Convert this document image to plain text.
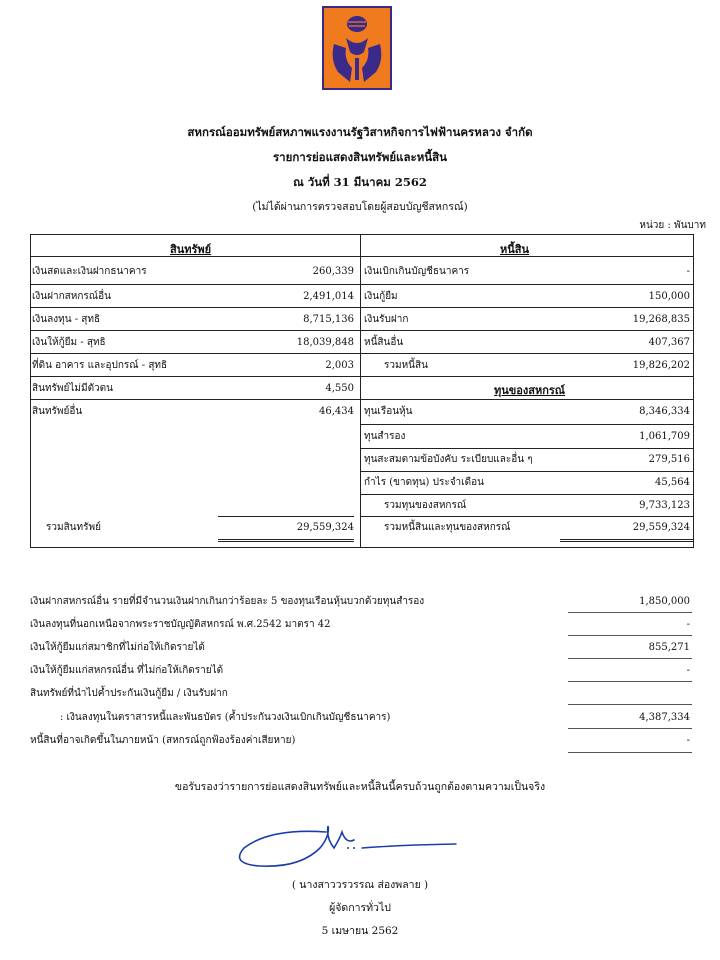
สหกรณ์ออมทรัพย์สหภาพแรงงานรัฐวิสาหกิจการไฟฟ้านครหลวง จำกัด
รายการย่อแสดงสินทรัพย์และหนี้สิน
ณ วันที่ 31 มีนาคม 2562
(ไม่ได้ผ่านการตรวจสอบโดยผู้สอบบัญชีสหกรณ์)
หน่วย : พันบาท
สินทรัพย์
เงินสดและเงินฝากธนาคาร	260,339
เงินฝากสหกรณ์อื่น	2,491,014
เงินลงทุน - สุทธิ	8,715,136
เงินให้กู้ยืม - สุทธิ	18,039,848
ที่ดิน อาคาร และอุปกรณ์ - สุทธิ	2,003
สินทรัพย์ไม่มีตัวตน	4,550
สินทรัพย์อื่น	46,434
รวมสินทรัพย์	29,559,324
หนี้สิน
เงินเบิกเกินบัญชีธนาคาร	-
เงินกู้ยืม	150,000
เงินรับฝาก	19,268,835
หนี้สินอื่น	407,367
รวมหนี้สิน	19,826,202
ทุนของสหกรณ์
ทุนเรือนหุ้น	8,346,334
ทุนสำรอง	1,061,709
ทุนสะสมตามข้อบังคับ ระเบียบและอื่น ๆ	279,516
กำไร (ขาดทุน) ประจำเดือน	45,564
รวมทุนของสหกรณ์	9,733,123
รวมหนี้สินและทุนของสหกรณ์	29,559,324
เงินฝากสหกรณ์อื่น รายที่มีจำนวนเงินฝากเกินกว่าร้อยละ 5 ของทุนเรือนหุ้นบวกด้วยทุนสำรอง	1,850,000
เงินลงทุนที่นอกเหนือจากพระราชบัญญัติสหกรณ์ พ.ศ.2542 มาตรา 42	-
เงินให้กู้ยืมแก่สมาชิกที่ไม่ก่อให้เกิดรายได้	855,271
เงินให้กู้ยืมแก่สหกรณ์อื่น ที่ไม่ก่อให้เกิดรายได้	-
สินทรัพย์ที่นำไปค้ำประกันเงินกู้ยืม / เงินรับฝาก
: เงินลงทุนในตราสารหนี้และพันธบัตร (ค้ำประกันวงเงินเบิกเกินบัญชีธนาคาร)	4,387,334
หนี้สินที่อาจเกิดขึ้นในภายหน้า (สหกรณ์ถูกฟ้องร้องค่าเสียหาย)	-
ขอรับรองว่ารายการย่อแสดงสินทรัพย์และหนี้สินนี้ครบถ้วนถูกต้องตามความเป็นจริง
( นางสาววรวรรณ ส่องพลาย )
ผู้จัดการทั่วไป
5 เมษายน 2562
